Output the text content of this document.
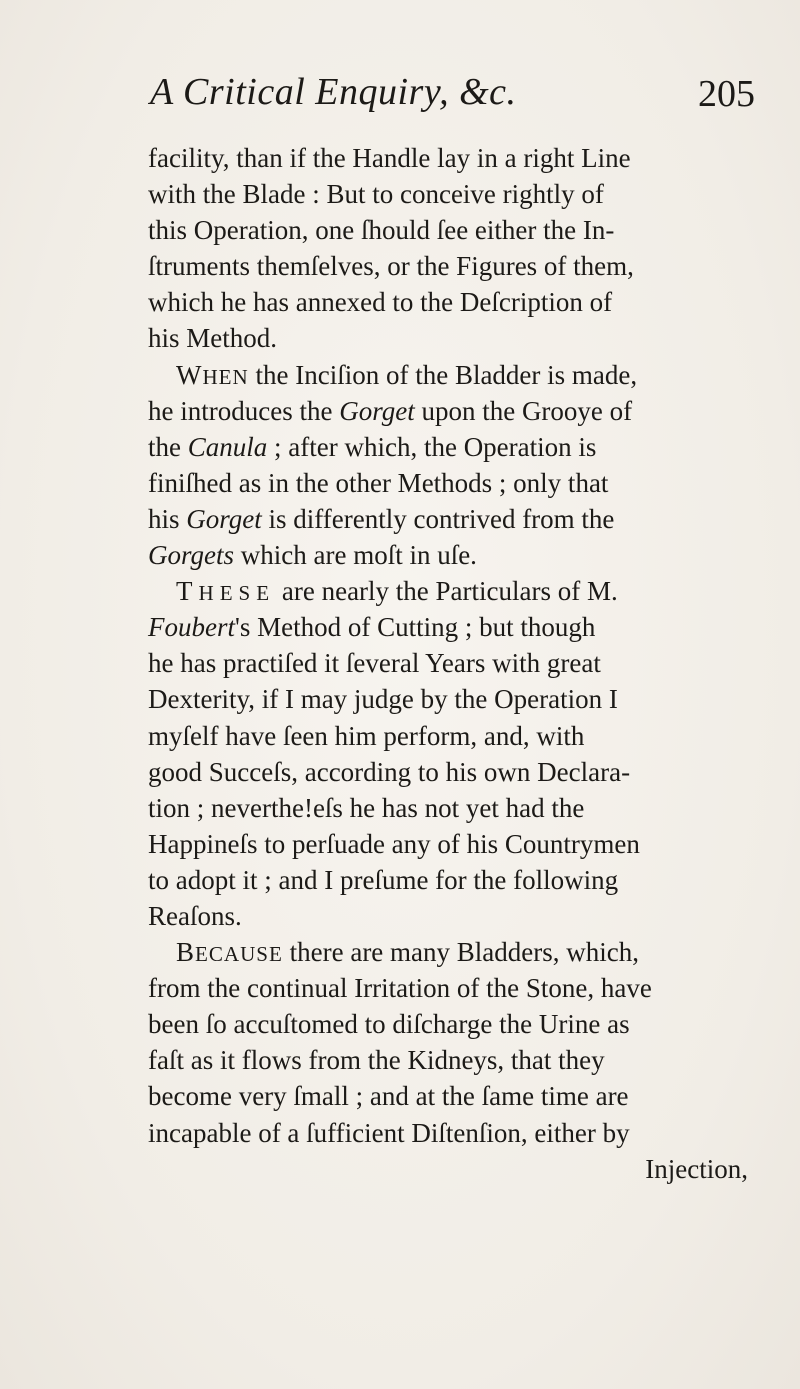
A Critical Enquiry, &c.	205
facility, than if the Handle lay in a right Line
with the Blade : But to conceive rightly of
this Operation, one ſhould ſee either the In-
ſtruments themſelves, or the Figures of them,
which he has annexed to the Deſcription of
his Method.
WHEN the Inciſion of the Bladder is made,
he introduces the Gorget upon the Grooye of
the Canula ; after which, the Operation is
finiſhed as in the other Methods ; only that
his Gorget is differently contrived from the
Gorgets which are moſt in uſe.
THESE are nearly the Particulars of M.
Foubert's Method of Cutting ; but though
he has practiſed it ſeveral Years with great
Dexterity, if I may judge by the Operation I
myſelf have ſeen him perform, and, with
good Succeſs, according to his own Declara-
tion ; neverthe!eſs he has not yet had the
Happineſs to perſuade any of his Countrymen
to adopt it ; and I preſume for the following
Reaſons.
BECAUSE there are many Bladders, which,
from the continual Irritation of the Stone, have
been ſo accuſtomed to diſcharge the Urine as
faſt as it flows from the Kidneys, that they
become very ſmall ; and at the ſame time are
incapable of a ſufficient Diſtenſion, either by
Injection,
